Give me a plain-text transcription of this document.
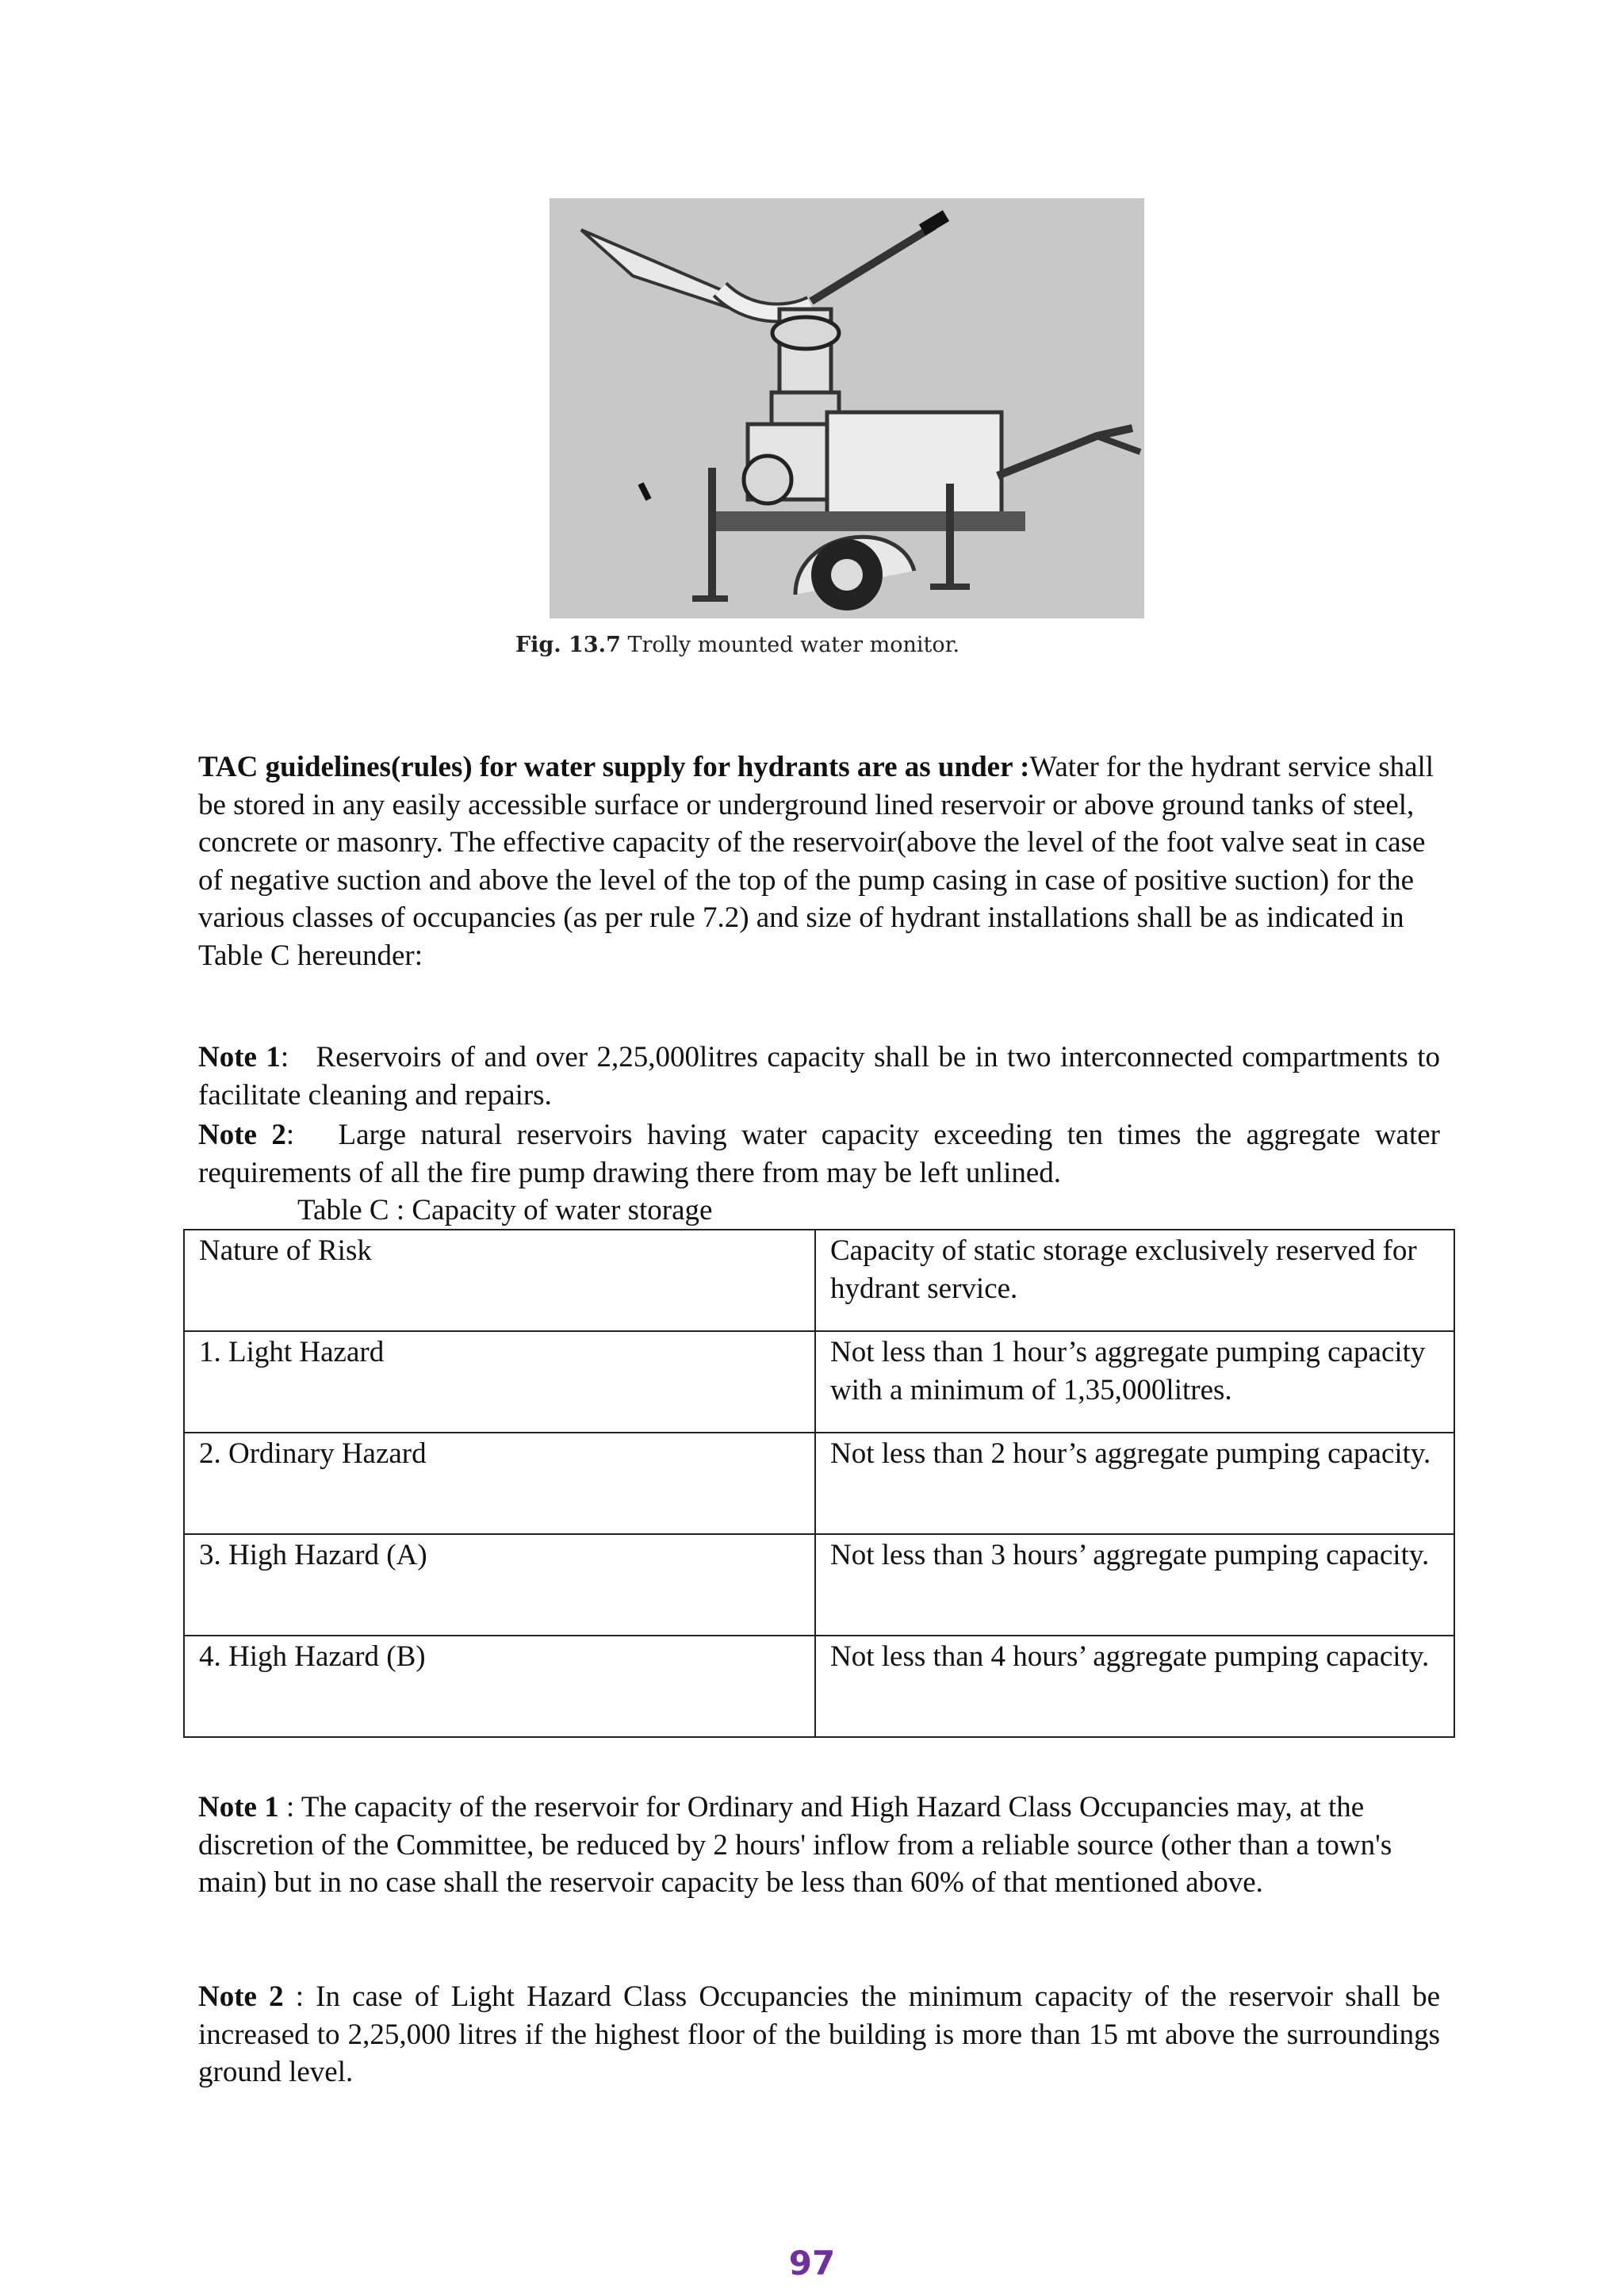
Fig. 13.7 Trolly mounted water monitor.

TAC guidelines(rules) for water supply for hydrants are as under :Water for the hydrant service shall be stored in any easily accessible surface or underground lined reservoir or above ground tanks of steel, concrete or masonry. The effective capacity of the reservoir(above the level of the foot valve seat in case of negative suction and above the level of the top of the pump casing in case of positive suction) for the various classes of occupancies (as per rule 7.2) and size of hydrant installations shall be as indicated in Table C hereunder:

Note 1:   Reservoirs of and over 2,25,000litres capacity shall be in two interconnected compartments to facilitate cleaning and repairs.

Note 2:   Large natural reservoirs having water capacity exceeding ten times the aggregate water requirements of all the fire pump drawing there from may be left unlined.

Table C : Capacity of water storage
Nature of Risk	Capacity of static storage exclusively reserved for hydrant service.
1. Light Hazard	Not less than 1 hour’s aggregate pumping capacity with a minimum of 1,35,000litres.
2. Ordinary Hazard	Not less than 2 hour’s aggregate pumping capacity.
3. High Hazard (A)	Not less than 3 hours’ aggregate pumping capacity.
4. High Hazard (B)	Not less than 4 hours’ aggregate pumping capacity.

Note 1 : The capacity of the reservoir for Ordinary and High Hazard Class Occupancies may, at the discretion of the Committee, be reduced by 2 hours' inflow from a reliable source (other than a town's main) but in no case shall the reservoir capacity be less than 60% of that mentioned above.

Note 2 : In case of Light Hazard Class Occupancies the minimum capacity of the reservoir shall be increased to 2,25,000 litres if the highest floor of the building is more than 15 mt above the surroundings ground level.

97
